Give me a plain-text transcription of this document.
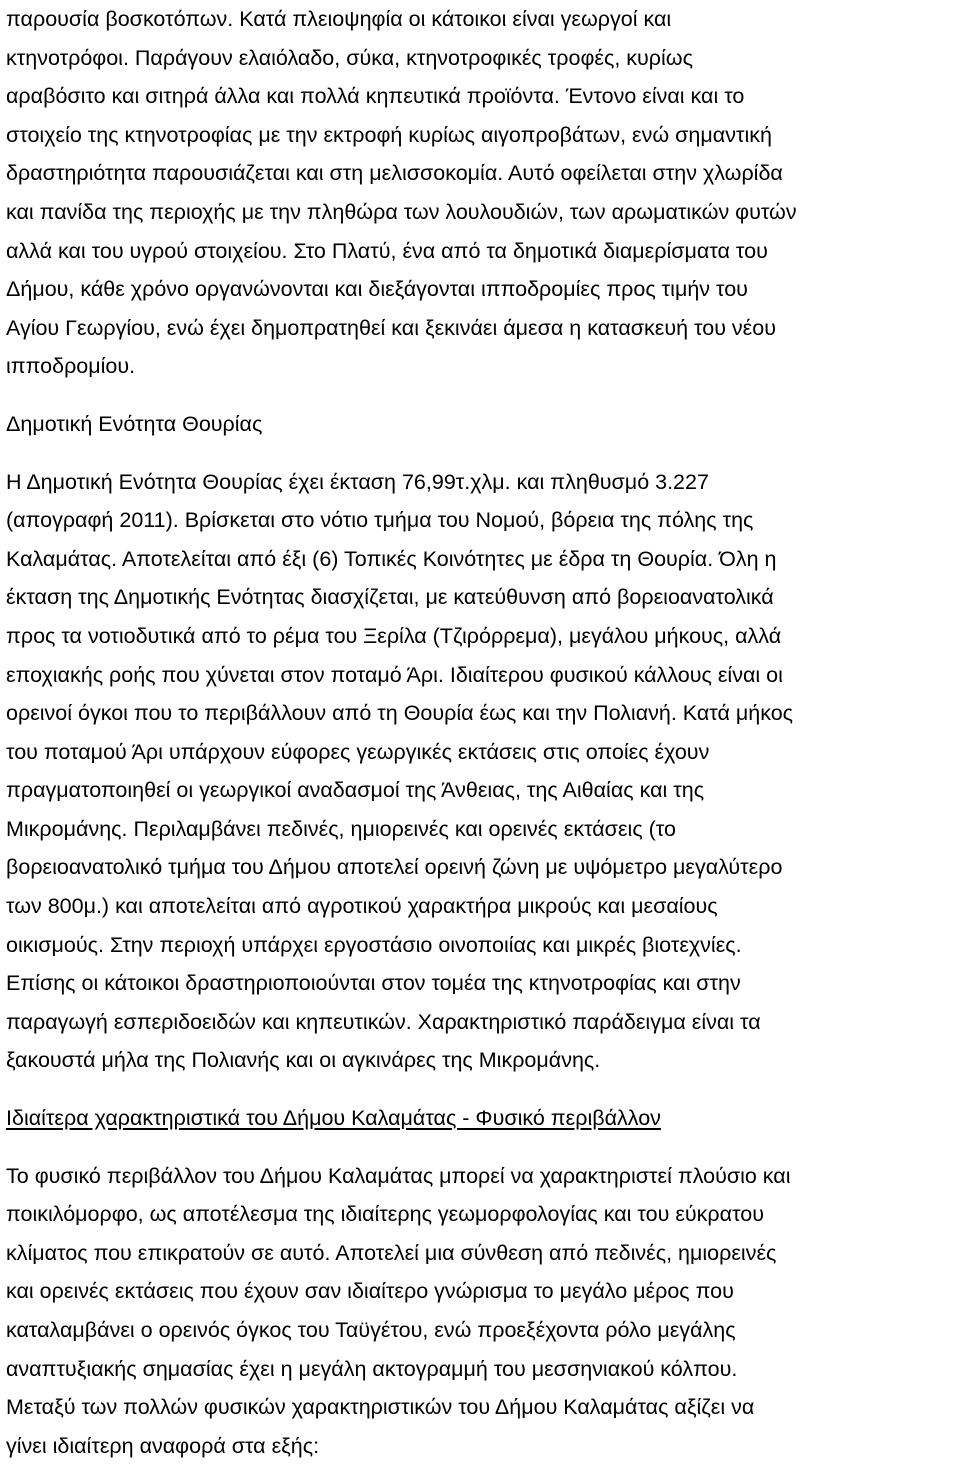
παρουσία βοσκοτόπων. Κατά πλειοψηφία οι κάτοικοι είναι γεωργοί και
κτηνοτρόφοι. Παράγουν ελαιόλαδο, σύκα, κτηνοτροφικές τροφές, κυρίως
αραβόσιτο και σιτηρά άλλα και πολλά κηπευτικά προϊόντα. Έντονο είναι και το
στοιχείο της κτηνοτροφίας με την εκτροφή κυρίως αιγοπροβάτων, ενώ σημαντική
δραστηριότητα παρουσιάζεται και στη μελισσοκομία. Αυτό οφείλεται στην χλωρίδα
και πανίδα της περιοχής με την πληθώρα των λουλουδιών, των αρωματικών φυτών
αλλά και του υγρού στοιχείου. Στο Πλατύ, ένα από τα δημοτικά διαμερίσματα του
Δήμου, κάθε χρόνο οργανώνονται και διεξάγονται ιπποδρομίες προς τιμήν του
Αγίου Γεωργίου, ενώ έχει δημοπρατηθεί και ξεκινάει άμεσα η κατασκευή του νέου
ιπποδρομίου.
Δημοτική Ενότητα Θουρίας
Η Δημοτική Ενότητα Θουρίας έχει έκταση 76,99τ.χλμ. και πληθυσμό 3.227
(απογραφή 2011). Βρίσκεται στο νότιο τμήμα του Νομού, βόρεια της πόλης της
Καλαμάτας. Αποτελείται από έξι (6) Τοπικές Κοινότητες με έδρα τη Θουρία. Όλη η
έκταση της Δημοτικής Ενότητας διασχίζεται, με κατεύθυνση από βορειοανατολικά
προς τα νοτιοδυτικά από το ρέμα του Ξερίλα (Τζιρόρρεμα), μεγάλου μήκους, αλλά
εποχιακής ροής που χύνεται στον ποταμό Άρι. Ιδιαίτερου φυσικού κάλλους είναι οι
ορεινοί όγκοι που το περιβάλλουν από τη Θουρία έως και την Πολιανή. Κατά μήκος
του ποταμού Άρι υπάρχουν εύφορες γεωργικές εκτάσεις στις οποίες έχουν
πραγματοποιηθεί οι γεωργικοί αναδασμοί της Άνθειας, της Αιθαίας και της
Μικρομάνης. Περιλαμβάνει πεδινές, ημιορεινές και ορεινές εκτάσεις (το
βορειοανατολικό τμήμα του Δήμου αποτελεί ορεινή ζώνη με υψόμετρο μεγαλύτερο
των 800μ.) και αποτελείται από αγροτικού χαρακτήρα μικρούς και μεσαίους
οικισμούς. Στην περιοχή υπάρχει εργοστάσιο οινοποιίας και μικρές βιοτεχνίες.
Επίσης οι κάτοικοι δραστηριοποιούνται στον τομέα της κτηνοτροφίας και στην
παραγωγή εσπεριδοειδών και κηπευτικών. Χαρακτηριστικό παράδειγμα είναι τα
ξακουστά μήλα της Πολιανής και οι αγκινάρες της Μικρομάνης.
Ιδιαίτερα χαρακτηριστικά του Δήμου Καλαμάτας - Φυσικό περιβάλλον
Το φυσικό περιβάλλον του Δήμου Καλαμάτας μπορεί να χαρακτηριστεί πλούσιο και
ποικιλόμορφο, ως αποτέλεσμα της ιδιαίτερης γεωμορφολογίας και του εύκρατου
κλίματος που επικρατούν σε αυτό. Αποτελεί μια σύνθεση από πεδινές, ημιορεινές
και ορεινές εκτάσεις που έχουν σαν ιδιαίτερο γνώρισμα το μεγάλο μέρος που
καταλαμβάνει ο ορεινός όγκος του Ταϋγέτου, ενώ προεξέχοντα ρόλο μεγάλης
αναπτυξιακής σημασίας έχει η μεγάλη ακτογραμμή του μεσσηνιακού κόλπου.
Μεταξύ των πολλών φυσικών χαρακτηριστικών του Δήμου Καλαμάτας αξίζει να
γίνει ιδιαίτερη αναφορά στα εξής:
